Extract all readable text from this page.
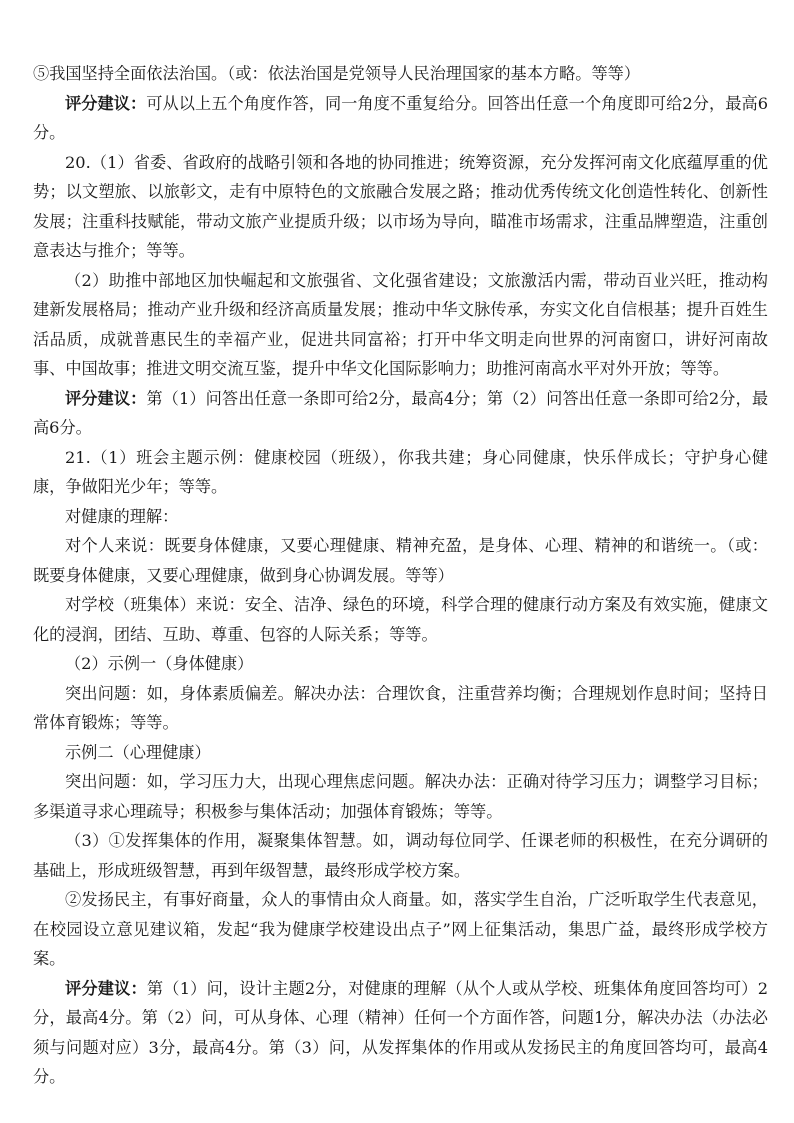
⑤我国坚持全面依法治国。（或：依法治国是党领导人民治理国家的基本方略。等等）

评分建议：可从以上五个角度作答，同一角度不重复给分。回答出任意一个角度即可给2分，最高6分。

20.（1）省委、省政府的战略引领和各地的协同推进；统筹资源，充分发挥河南文化底蕴厚重的优势；以文塑旅、以旅彰文，走有中原特色的文旅融合发展之路；推动优秀传统文化创造性转化、创新性发展；注重科技赋能，带动文旅产业提质升级；以市场为导向，瞄准市场需求，注重品牌塑造，注重创意表达与推介；等等。

（2）助推中部地区加快崛起和文旅强省、文化强省建设；文旅激活内需，带动百业兴旺，推动构建新发展格局；推动产业升级和经济高质量发展；推动中华文脉传承，夯实文化自信根基；提升百姓生活品质，成就普惠民生的幸福产业，促进共同富裕；打开中华文明走向世界的河南窗口，讲好河南故事、中国故事；推进文明交流互鉴，提升中华文化国际影响力；助推河南高水平对外开放；等等。

评分建议：第（1）问答出任意一条即可给2分，最高4分；第（2）问答出任意一条即可给2分，最高6分。

21.（1）班会主题示例：健康校园（班级），你我共建；身心同健康，快乐伴成长；守护身心健康，争做阳光少年；等等。

对健康的理解：

对个人来说：既要身体健康，又要心理健康、精神充盈，是身体、心理、精神的和谐统一。（或：既要身体健康，又要心理健康，做到身心协调发展。等等）

对学校（班集体）来说：安全、洁净、绿色的环境，科学合理的健康行动方案及有效实施，健康文化的浸润，团结、互助、尊重、包容的人际关系；等等。

（2）示例一（身体健康）

突出问题：如，身体素质偏差。解决办法：合理饮食，注重营养均衡；合理规划作息时间；坚持日常体育锻炼；等等。

示例二（心理健康）

突出问题：如，学习压力大，出现心理焦虑问题。解决办法：正确对待学习压力；调整学习目标；多渠道寻求心理疏导；积极参与集体活动；加强体育锻炼；等等。

（3）①发挥集体的作用，凝聚集体智慧。如，调动每位同学、任课老师的积极性，在充分调研的基础上，形成班级智慧，再到年级智慧，最终形成学校方案。

②发扬民主，有事好商量，众人的事情由众人商量。如，落实学生自治，广泛听取学生代表意见，在校园设立意见建议箱，发起“我为健康学校建设出点子”网上征集活动，集思广益，最终形成学校方案。

评分建议：第（1）问，设计主题2分，对健康的理解（从个人或从学校、班集体角度回答均可）2分，最高4分。第（2）问，可从身体、心理（精神）任何一个方面作答，问题1分，解决办法（办法必须与问题对应）3分，最高4分。第（3）问，从发挥集体的作用或从发扬民主的角度回答均可，最高4分。
